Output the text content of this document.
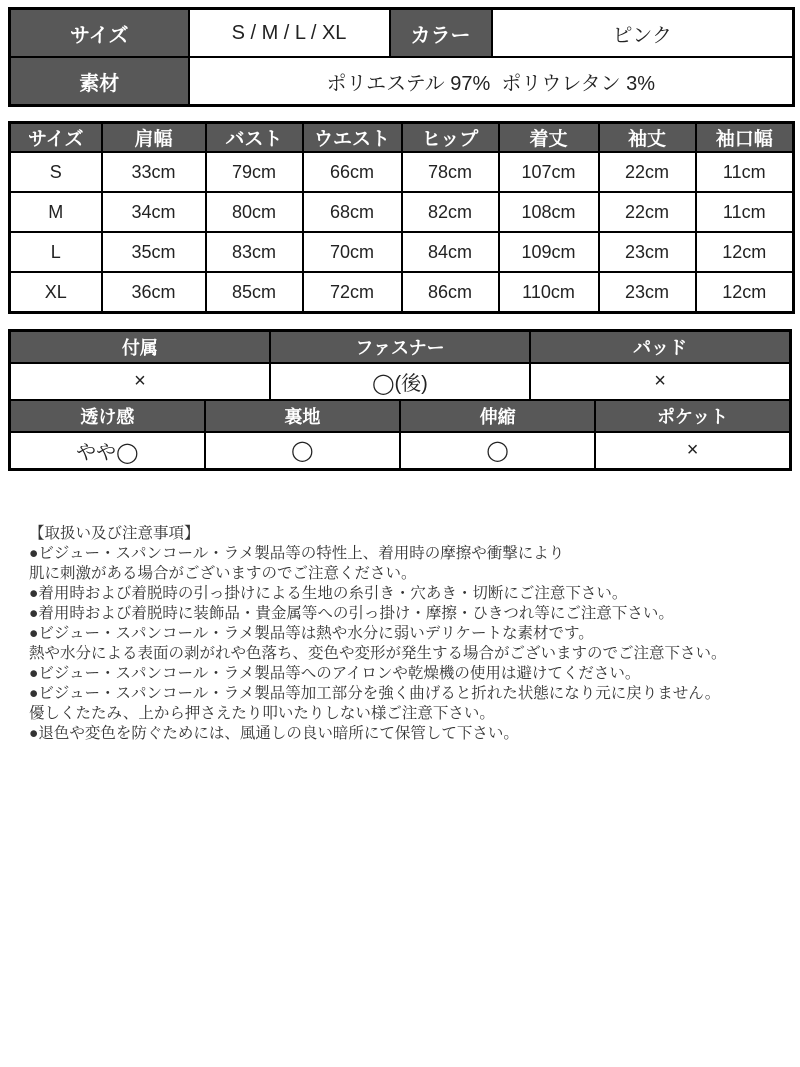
サイズ	S / M / L / XL	カラー	ピンク
素材	ポリエステル 97%  ポリウレタン 3%		
サイズ	肩幅	バスト	ウエスト	ヒップ	着丈	袖丈	袖口幅
S	33cm	79cm	66cm	78cm	107cm	22cm	11cm
M	34cm	80cm	68cm	82cm	108cm	22cm	11cm
L	35cm	83cm	70cm	84cm	109cm	23cm	12cm
XL	36cm	85cm	72cm	86cm	110cm	23cm	12cm
付属		ファスナー		パッド	
×		◯(後)		×	
透け感	裏地		伸縮		ポケット
やや◯	◯		◯		×
【取扱い及び注意事項】
●ビジュー・スパンコール・ラメ製品等の特性上、着用時の摩擦や衝撃により
肌に刺激がある場合がございますのでご注意ください。
●着用時および着脱時の引っ掛けによる生地の糸引き・穴あき・切断にご注意下さい。
●着用時および着脱時に装飾品・貴金属等への引っ掛け・摩擦・ひきつれ等にご注意下さい。
●ビジュー・スパンコール・ラメ製品等は熱や水分に弱いデリケートな素材です。
熱や水分による表面の剥がれや色落ち、変色や変形が発生する場合がございますのでご注意下さい。
●ビジュー・スパンコール・ラメ製品等へのアイロンや乾燥機の使用は避けてください。
●ビジュー・スパンコール・ラメ製品等加工部分を強く曲げると折れた状態になり元に戻りません。
優しくたたみ、上から押さえたり叩いたりしない様ご注意下さい。
●退色や変色を防ぐためには、風通しの良い暗所にて保管して下さい。
